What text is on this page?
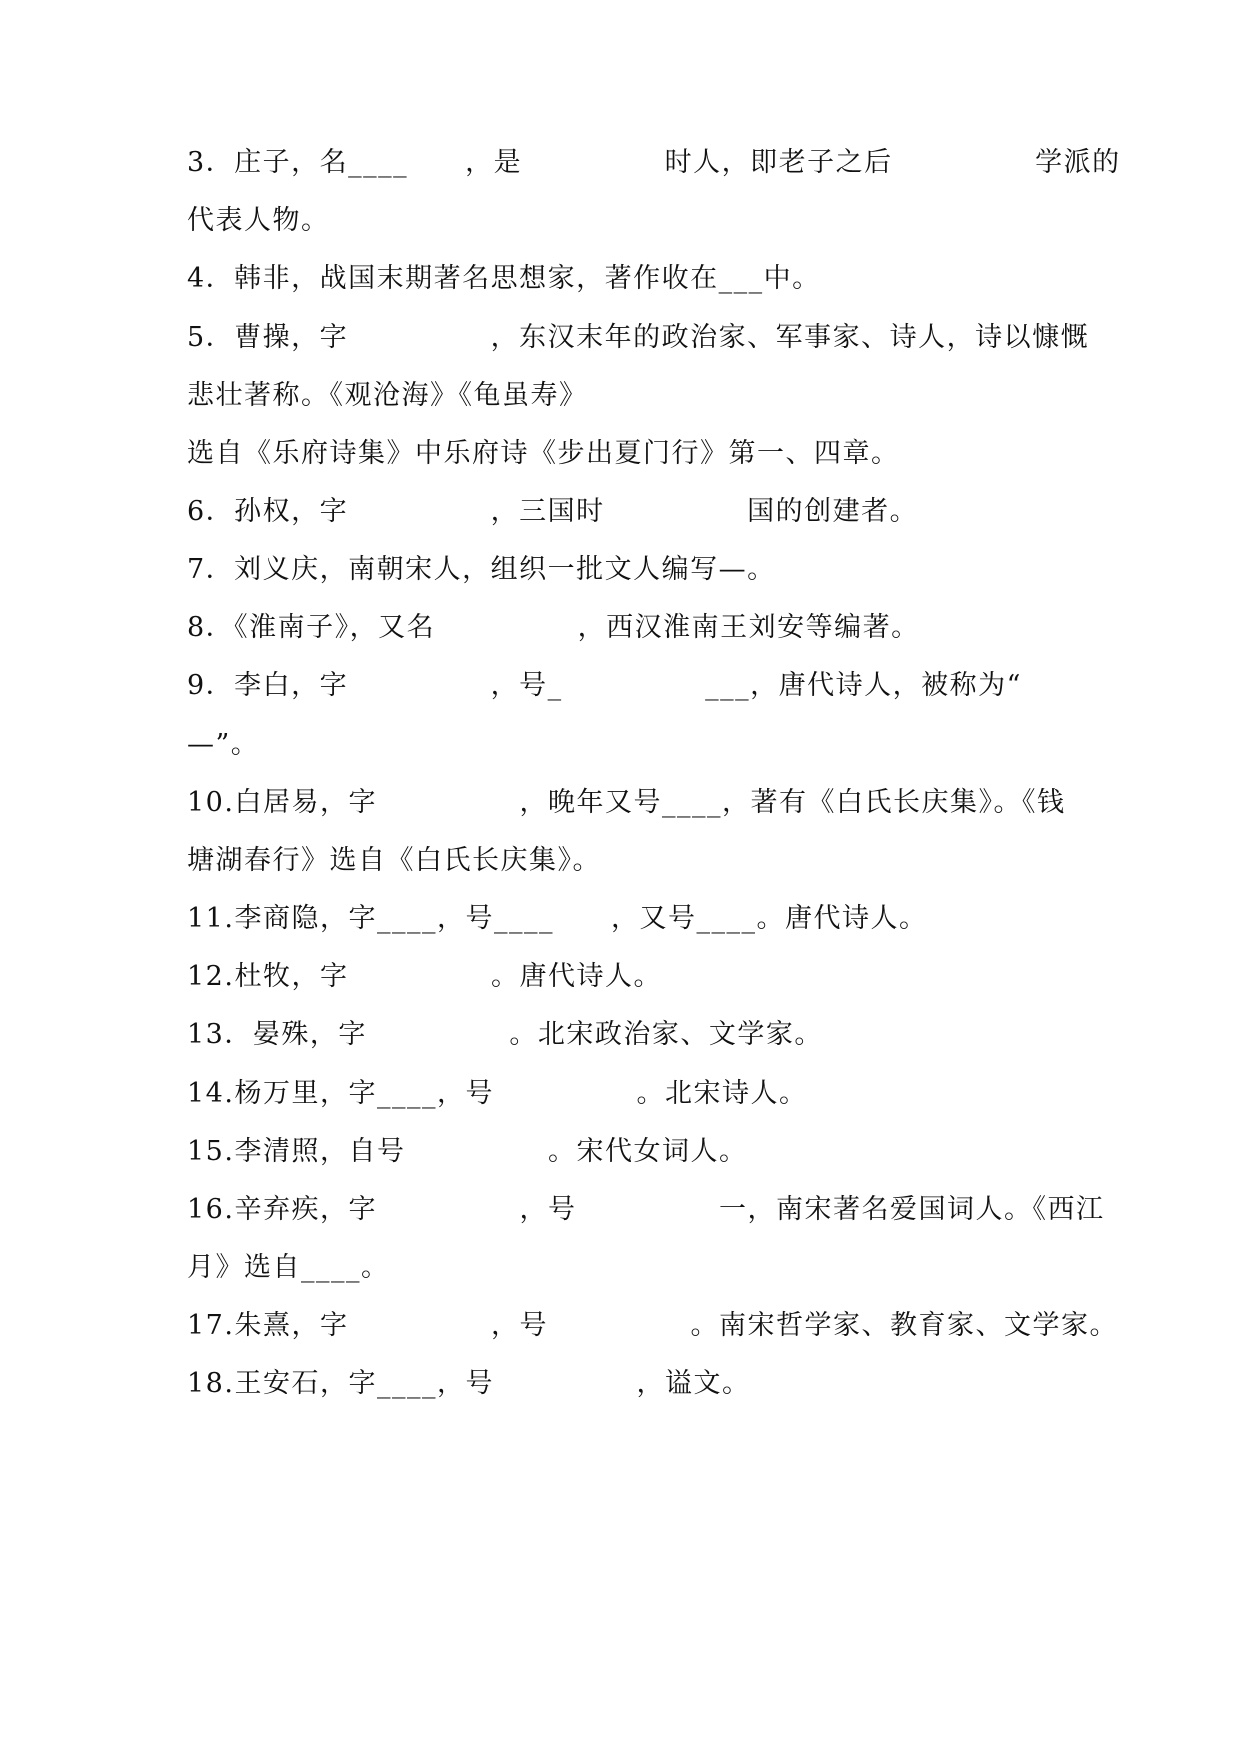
3．庄子，名____　　，是　　　　　时人，即老子之后　　　　　学派的
代表人物。
4．韩非，战国末期著名思想家，著作收在___中。
5．曹操，字　　　　　，东汉末年的政治家、军事家、诗人，诗以慷慨
悲壮著称。《观沧海》《龟虽寿》
选自《乐府诗集》中乐府诗《步出夏门行》第一、四章。
6．孙权，字　　　　　，三国时　　　　　国的创建者。
7．刘义庆，南朝宋人，组织一批文人编写—。
8．《淮南子》，又名　　　　　，西汉淮南王刘安等编著。
9．李白，字　　　　　，号_　　　　　___，唐代诗人，被称为“
—”。
10.白居易，字　　　　　，晚年又号____，著有《白氏长庆集》。《钱
塘湖春行》选自《白氏长庆集》。
11.李商隐，字____，号____　　，又号____。唐代诗人。
12.杜牧，字　　　　　。唐代诗人。
13．晏殊，字　　　　　。北宋政治家、文学家。
14.杨万里，字____，号　　　　　。北宋诗人。
15.李清照，自号　　　　　。宋代女词人。
16.辛弃疾，字　　　　　，号　　　　　一，南宋著名爱国词人。《西江
月》选自____。
17.朱熹，字　　　　　，号　　　　　。南宋哲学家、教育家、文学家。
18.王安石，字____，号　　　　　，谥文。
